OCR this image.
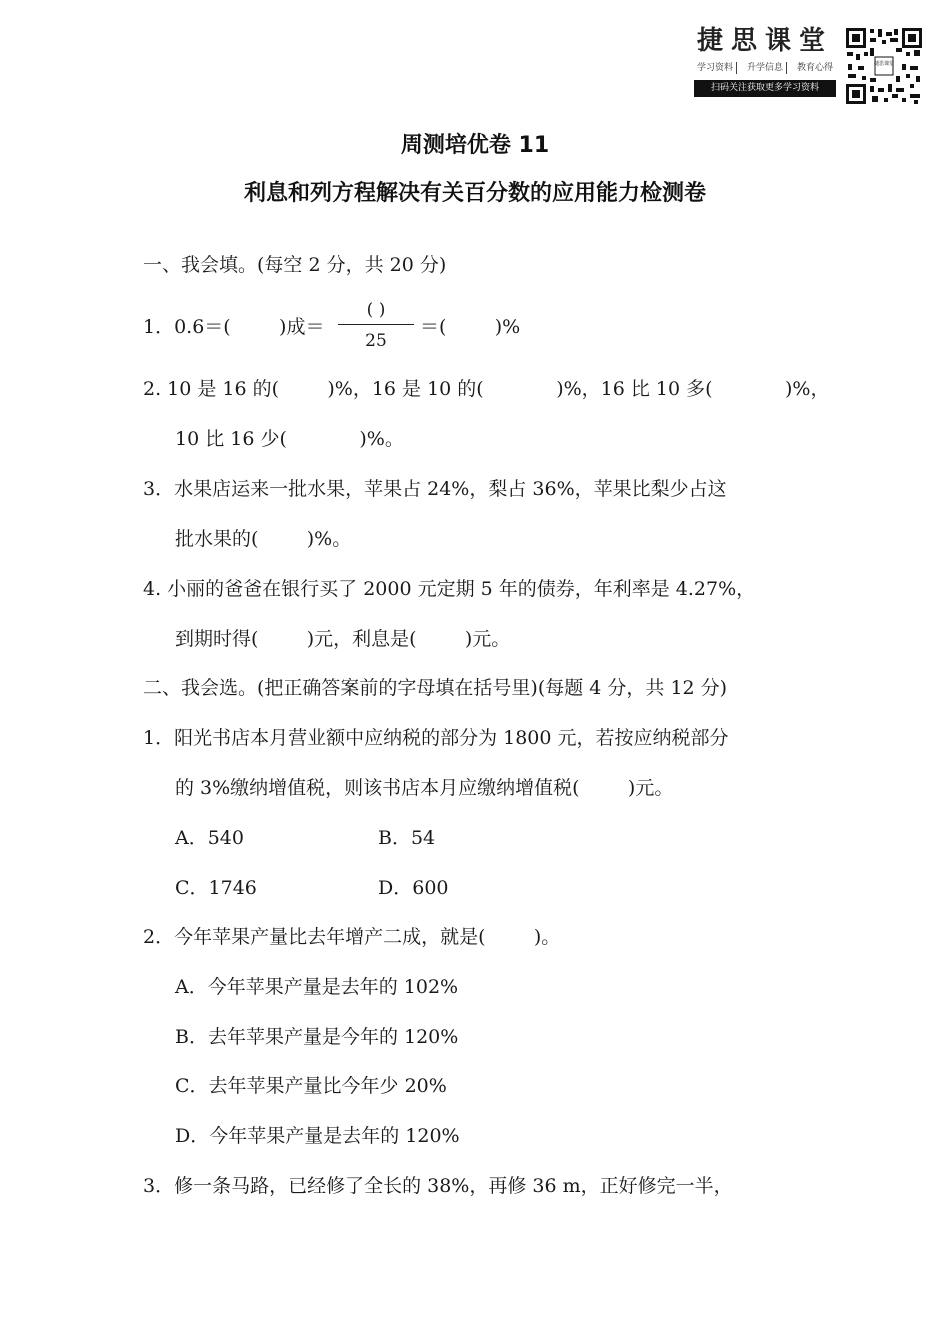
捷思课堂
学习资料	升学信息	教育心得
扫码关注获取更多学习资料
捷思课堂
周测培优卷 11
利息和列方程解决有关百分数的应用能力检测卷
一、我会填。(每空 2 分，共 20 分)
1．0.6＝(        )成＝
( )
25
＝(        )%
2. 10 是 16 的(        )%，16 是 10 的(            )%，16 比 10 多(            )%，
10 比 16 少(            )%。
3．水果店运来一批水果，苹果占 24%，梨占 36%，苹果比梨少占这
批水果的(        )%。
4. 小丽的爸爸在银行买了 2000 元定期 5 年的债券，年利率是 4.27%，
到期时得(        )元，利息是(        )元。
二、我会选。(把正确答案前的字母填在括号里)(每题 4 分，共 12 分)
1．阳光书店本月营业额中应纳税的部分为 1800 元，若按应纳税部分
的 3%缴纳增值税，则该书店本月应缴纳增值税(        )元。
A．540	B．54
C．1746	D．600
2．今年苹果产量比去年增产二成，就是(        )。
A．今年苹果产量是去年的 102%
B．去年苹果产量是今年的 120%
C．去年苹果产量比今年少 20%
D．今年苹果产量是去年的 120%
3．修一条马路，已经修了全长的 38%，再修 36 m，正好修完一半，
